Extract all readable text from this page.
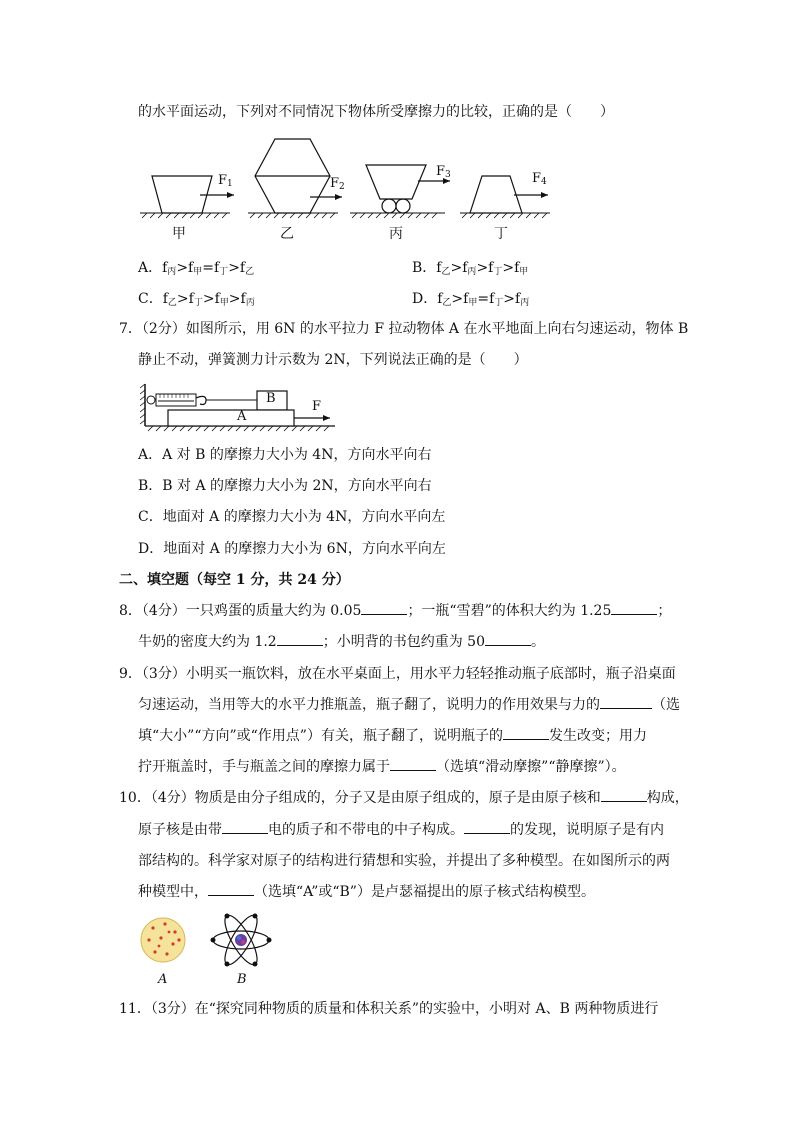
的水平面运动，下列对不同情况下物体所受摩擦力的比较，正确的是（　　）
$F_1$	$F_2$
$F_3$	$F_4$
甲	乙	丙	丁
A．$f_丙>f_甲=f_丁>f_乙$	B．$f_乙>f_丙>f_丁>f_甲$
C．$f_乙>f_丁>f_甲>f_丙$	D．$f_乙>f_甲=f_丁>f_丙$
7．（2分）如图所示，用 6N 的水平拉力 F 拉动物体 A 在水平地面上向右匀速运动，物体 B
静止不动，弹簧测力计示数为 2N，下列说法正确的是（　　）
B
A
F
A．A 对 B 的摩擦力大小为 4N，方向水平向右
B．B 对 A 的摩擦力大小为 2N，方向水平向右
C．地面对 A 的摩擦力大小为 4N，方向水平向左
D．地面对 A 的摩擦力大小为 6N，方向水平向左
二、填空题（每空 1 分，共 24 分）
8．（4分）一只鸡蛋的质量大约为 0.05	；一瓶“雪碧”的体积大约为 1.25	；
牛奶的密度大约为 1.2	；小明背的书包约重为 50	。
9．（3分）小明买一瓶饮料，放在水平桌面上，用水平力轻轻推动瓶子底部时，瓶子沿桌面
匀速运动，当用等大的水平力推瓶盖，瓶子翻了，说明力的作用效果与力的	（选
填“大小”“方向”或“作用点”）有关，瓶子翻了，说明瓶子的	发生改变；用力
拧开瓶盖时，手与瓶盖之间的摩擦力属于	（选填“滑动摩擦”“静摩擦”）。
10．（4分）物质是由分子组成的，分子又是由原子组成的，原子是由原子核和	构成，
原子核是由带	电的质子和不带电的中子构成。	的发现，说明原子是有内
部结构的。科学家对原子的结构进行猜想和实验，并提出了多种模型。在如图所示的两
种模型中，	（选填“A”或“B”）是卢瑟福提出的原子核式结构模型。
A	B
11．（3分）在“探究同种物质的质量和体积关系”的实验中，小明对 A、B 两种物质进行
